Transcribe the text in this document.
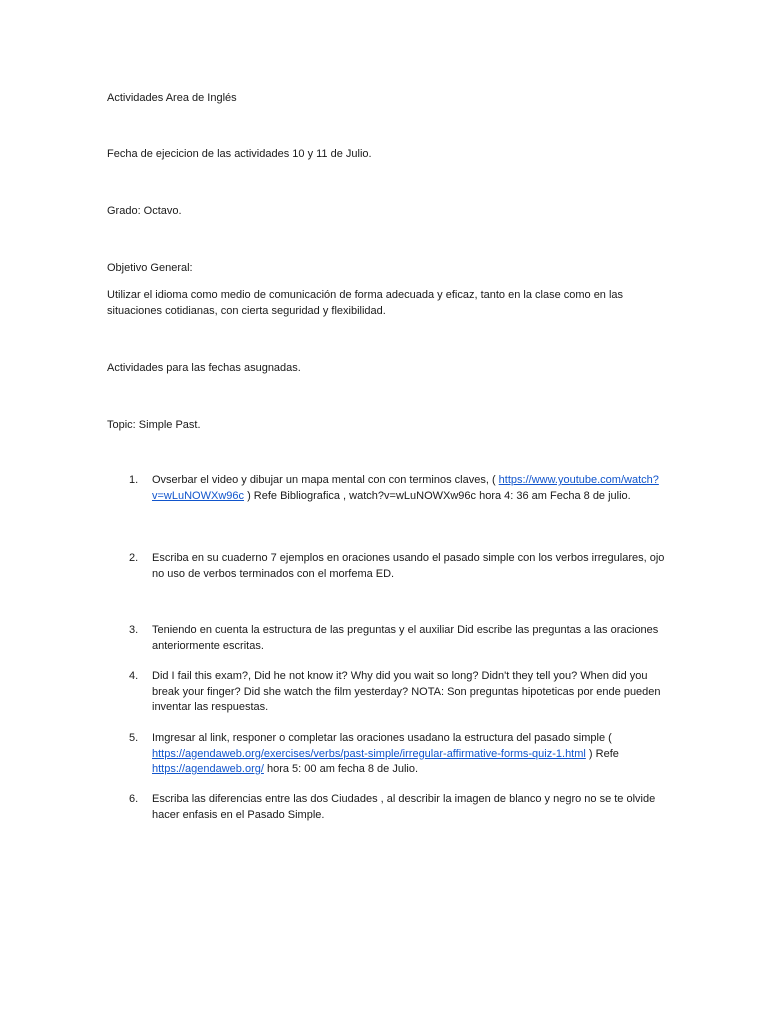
Actividades Area de Inglés
Fecha de ejecicion de las actividades 10 y 11 de Julio.
Grado: Octavo.
Objetivo General:
Utilizar el idioma como medio de comunicación de forma adecuada y eficaz, tanto en la clase como en las situaciones cotidianas, con cierta seguridad y flexibilidad.
Actividades para las fechas asugnadas.
Topic: Simple Past.
1.	Ovserbar el video y dibujar un mapa mental con con terminos claves, ( https://www.youtube.com/watch?v=wLuNOWXw96c ) Refe Bibliografica , watch?v=wLuNOWXw96c hora 4: 36 am Fecha 8 de julio.
2.	Escriba en su cuaderno 7 ejemplos en oraciones usando el pasado simple con los verbos irregulares, ojo no uso de verbos terminados con el morfema ED.
3.	Teniendo en cuenta la estructura de las preguntas y el auxiliar Did escribe las preguntas a las oraciones anteriormente escritas.
4.	Did I fail this exam?, Did he not know it? Why did you wait so long? Didn't they tell you? When did you break your finger? Did she watch the film yesterday? NOTA: Son preguntas hipoteticas por ende pueden inventar las respuestas.
5.	Imgresar al link, responer o completar las oraciones usadano la estructura del pasado simple ( https://agendaweb.org/exercises/verbs/past-simple/irregular-affirmative-forms-quiz-1.html ) Refe https://agendaweb.org/ hora 5: 00 am fecha 8 de Julio.
6.	Escriba las diferencias entre las dos Ciudades , al describir la imagen de blanco y negro no se te olvide hacer enfasis en el Pasado Simple.
